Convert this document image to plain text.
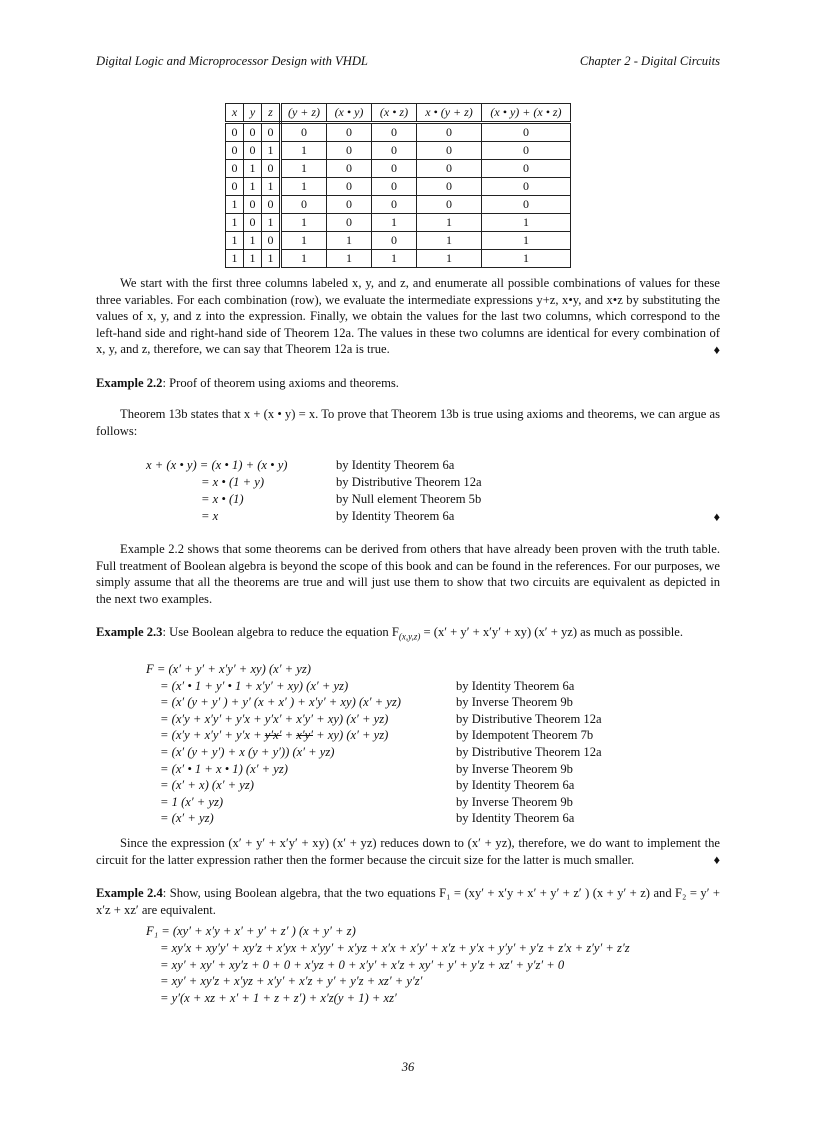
Digital Logic and Microprocessor Design with VHDL	Chapter 2 - Digital Circuits
x	y	z	(y + z)	(x • y)	(x • z)	x • (y + z)	(x • y) + (x • z)
0	0	0	0	0	0	0	0
0	0	1	1	0	0	0	0
0	1	0	1	0	0	0	0
0	1	1	1	0	0	0	0
1	0	0	0	0	0	0	0
1	0	1	1	0	1	1	1
1	1	0	1	1	0	1	1
1	1	1	1	1	1	1	1

We start with the first three columns labeled x, y, and z, and enumerate all possible combinations of values for these three variables. For each combination (row), we evaluate the intermediate expressions y+z, x•y, and x•z by substituting the values of x, y, and z into the expression. Finally, we obtain the values for the last two columns, which correspond to the left-hand side and right-hand side of Theorem 12a. The values in these two columns are identical for every combination of x, y, and z, therefore, we can say that Theorem 12a is true.	♦
Example 2.2: Proof of theorem using axioms and theorems.

Theorem 13b states that x + (x • y) = x. To prove that Theorem 13b is true using axioms and theorems, we can argue as follows:

x + (x • y) = (x • 1) + (x • y)	by Identity Theorem 6a
= x • (1 + y)	by Distributive Theorem 12a
= x • (1)	by Null element Theorem 5b
= x	by Identity Theorem 6a	♦

Example 2.2 shows that some theorems can be derived from others that have already been proven with the truth table. Full treatment of Boolean algebra is beyond the scope of this book and can be found in the references. For our purposes, we simply assume that all the theorems are true and will just use them to show that two circuits are equivalent as depicted in the next two examples.

Example 2.3: Use Boolean algebra to reduce the equation $F_{(x,y,z)} = (x' + y' + x'y' + xy) (x' + yz)$ as much as possible.
F = (x′ + y′ + x′y′ + xy) (x′ + yz)
= (x′ • 1 + y′ • 1 + x′y′ + xy) (x′ + yz)	by Identity Theorem 6a
= (x′ (y + y′ ) + y′ (x + x′ ) + x′y′ + xy) (x′ + yz)	by Inverse Theorem 9b
= (x′y + x′y′ + y′x + y′x′ + x′y′ + xy) (x′ + yz)	by Distributive Theorem 12a
= (x′y + x′y′ + y′x + y′x′ + x′y′ + xy) (x′ + yz)	by Idempotent Theorem 7b
= (x′ (y + y′) + x (y + y′)) (x′ + yz)	by Distributive Theorem 12a
= (x′ • 1 + x • 1) (x′ + yz)	by Inverse Theorem 9b
= (x′ + x) (x′ + yz)	by Identity Theorem 6a
= 1 (x′ + yz)	by Inverse Theorem 9b
= (x′ + yz)	by Identity Theorem 6a

Since the expression (x′ + y′ + x′y′ + xy) (x′ + yz) reduces down to (x′ + yz), therefore, we do want to implement the circuit for the latter expression rather then the former because the circuit size for the latter is much smaller.	♦
Example 2.4: Show, using Boolean algebra, that the two equations F₁ = (xy′ + x′y + x′ + y′ + z′ ) (x + y′ + z) and F₂ = y′ + x′z + xz′ are equivalent.
F₁ = (xy′ + x′y + x′ + y′ + z′ ) (x + y′ + z)
= xy′x + xy′y′ + xy′z + x′yx + x′yy′ + x′yz + x′x + x′y′ + x′z + y′x + y′y′ + y′z + z′x + z′y′ + z′z
= xy′ + xy′ + xy′z + 0 + 0 + x′yz + 0 + x′y′ + x′z + xy′ + y′ + y′z + xz′ + y′z′ + 0
= xy′ + xy′z + x′yz + x′y′ + x′z + y′ + y′z + xz′ + y′z′
= y′(x + xz + x′ + 1 + z + z′) + x′z(y + 1) + xz′
36
